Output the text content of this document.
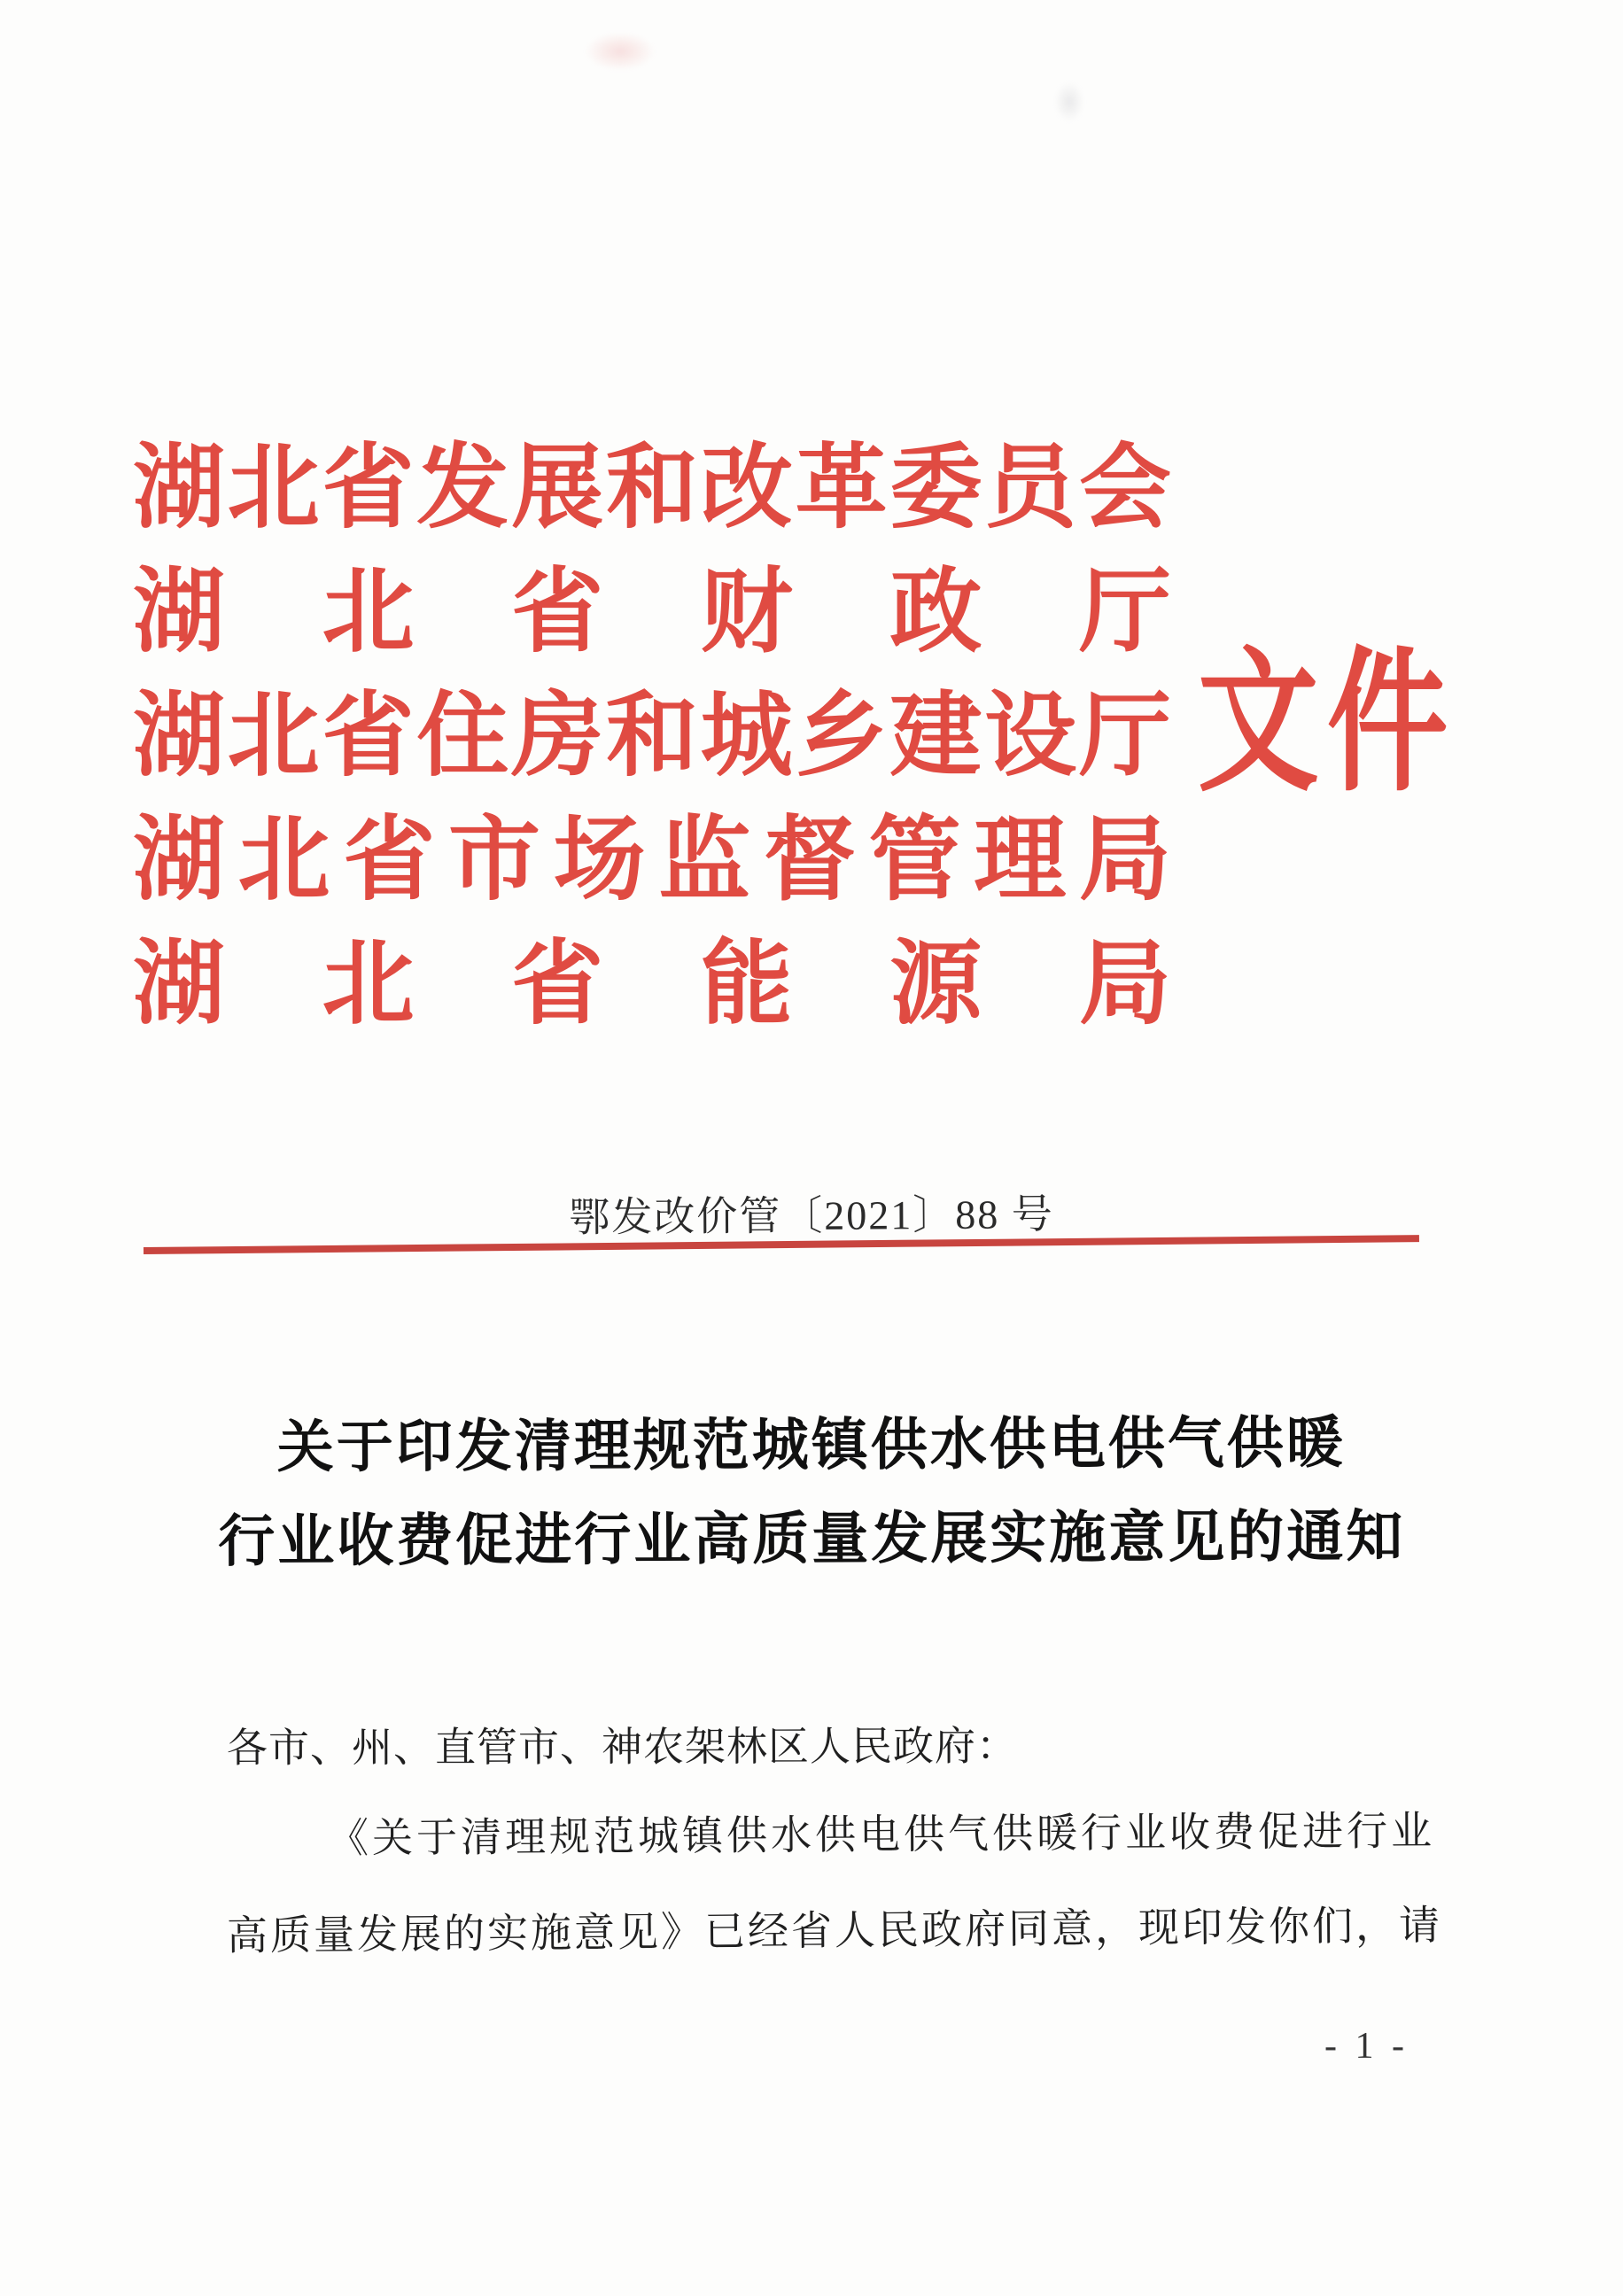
湖 北 省 发 展 和 改 革 委 员 会
湖 北 省 财 政 厅
湖 北 省 住 房 和 城 乡 建 设 厅
湖 北 省 市 场 监 督 管 理 局
湖 北 省 能 源 局
文件
鄂发改价管〔2021〕88 号
关于印发清理规范城镇供水供电供气供暖
行业收费促进行业高质量发展实施意见的通知
各市、州、直管市、神农架林区人民政府：
《关于清理规范城镇供水供电供气供暖行业收费促进行业
高质量发展的实施意见》已经省人民政府同意，现印发你们，请
- 1 -
